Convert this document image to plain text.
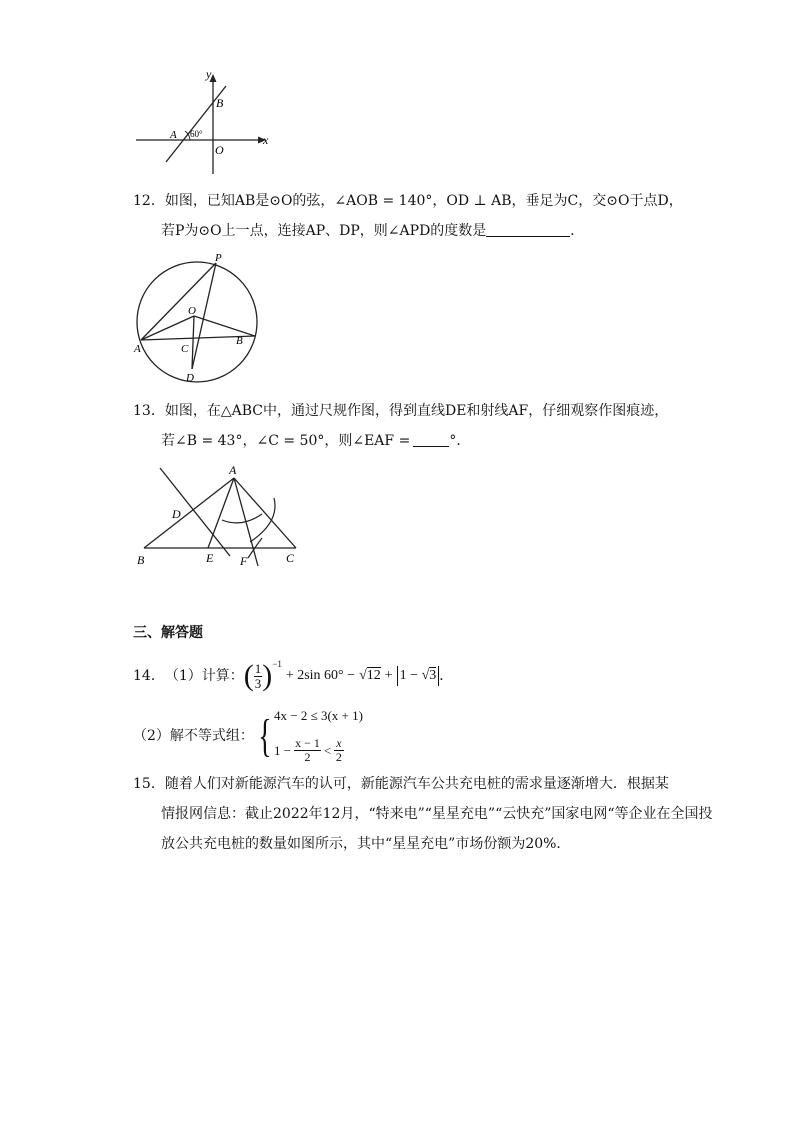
y
x
B
A 60°
O
12．如图，已知AB是⊙O的弦，∠AOB = 140°，OD ⊥ AB，垂足为C，交⊙O于点D，
若P为⊙O上一点，连接AP、DP，则∠APD的度数是	．
P
O
A	C
B
D
13．如图，在△ABC中，通过尺规作图，得到直线DE和射线AF，仔细观察作图痕迹，
若∠B = 43°，∠C = 50°，则∠EAF =	°．
A
D
B	E F	C
三、解答题
14． （1）计算： ( $\frac{1}{3}$ ) −1
+ 2sin 60° − √12 + 1 − √3 ．
（2）解不等式组： { 4x − 2 ≤ 3(x + 1)
$1 - \frac{x - 1}{2} < \frac{x}{2}$
15．随着人们对新能源汽车的认可，新能源汽车公共充电桩的需求量逐渐增大．根据某
情报网信息：截止2022年12月，“特来电”“星星充电”“云快充”国家电网“等企业在全国投
放公共充电桩的数量如图所示，其中“星星充电”市场份额为20%．
